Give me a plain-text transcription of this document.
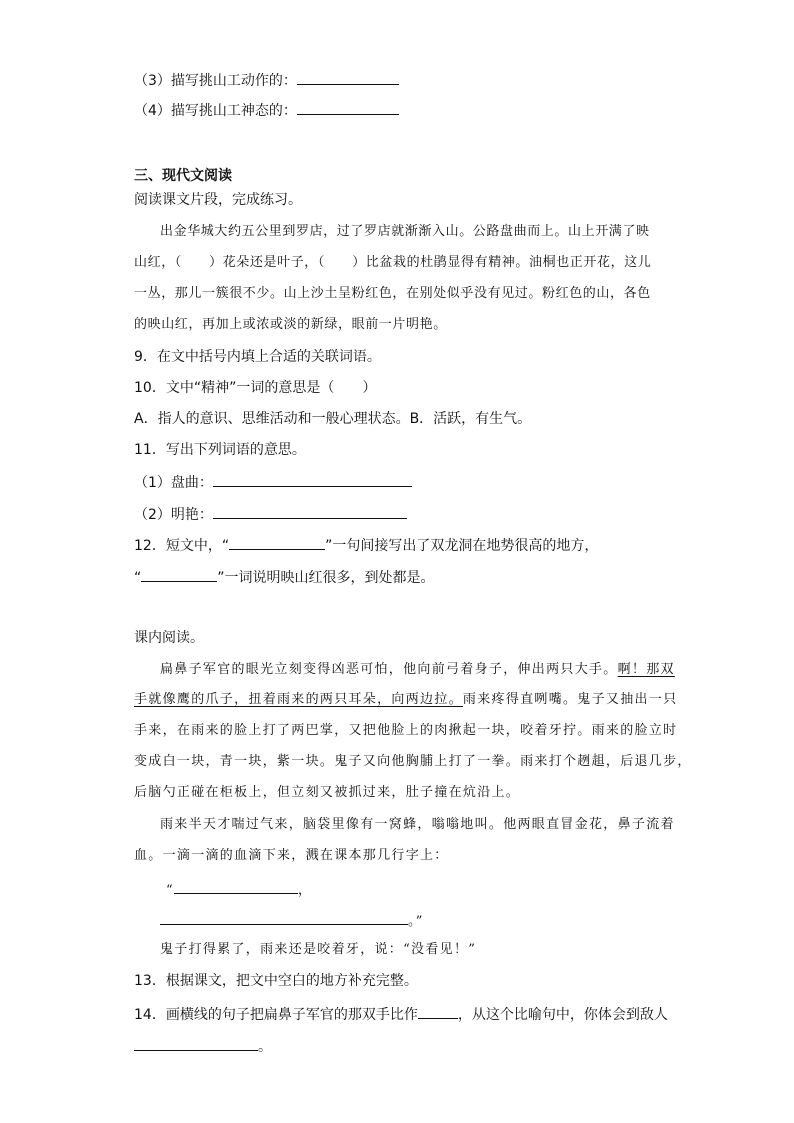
（3）描写挑山工动作的：
（4）描写挑山工神态的：
三、现代文阅读
阅读课文片段，完成练习。
出金华城大约五公里到罗店，过了罗店就渐渐入山。公路盘曲而上。山上开满了映
山红，（　　）花朵还是叶子，（　　）比盆栽的杜鹃显得有精神。油桐也正开花，这儿
一丛，那儿一簇很不少。山上沙土呈粉红色，在别处似乎没有见过。粉红色的山，各色
的映山红，再加上或浓或淡的新绿，眼前一片明艳。
9．在文中括号内填上合适的关联词语。
10．文中“精神”一词的意思是（　　）
A．指人的意识、思维活动和一般心理状态。B．活跃，有生气。
11．写出下列词语的意思。
（1）盘曲：
（2）明艳：
12．短文中，“	”一句间接写出了双龙洞在地势很高的地方，
“	”一词说明映山红很多，到处都是。
课内阅读。
扁鼻子军官的眼光立刻变得凶恶可怕，他向前弓着身子，伸出两只大手。啊！那双
手就像鹰的爪子，扭着雨来的两只耳朵，向两边拉。雨来疼得直咧嘴。鬼子又抽出一只
手来，在雨来的脸上打了两巴掌，又把他脸上的肉揪起一块，咬着牙拧。雨来的脸立时
变成白一块，青一块，紫一块。鬼子又向他胸脯上打了一拳。雨来打个趔趄，后退几步，
后脑勺正碰在柜板上，但立刻又被抓过来，肚子撞在炕沿上。
雨来半天才喘过气来，脑袋里像有一窝蜂，嗡嗡地叫。他两眼直冒金花，鼻子流着
血。一滴一滴的血滴下来，溅在课本那几行字上：
“	，
。”
鬼子打得累了，雨来还是咬着牙，说：“没看见！”
13．根据课文，把文中空白的地方补充完整。
14．画横线的句子把扁鼻子军官的那双手比作	，从这个比喻句中，你体会到敌人
。
